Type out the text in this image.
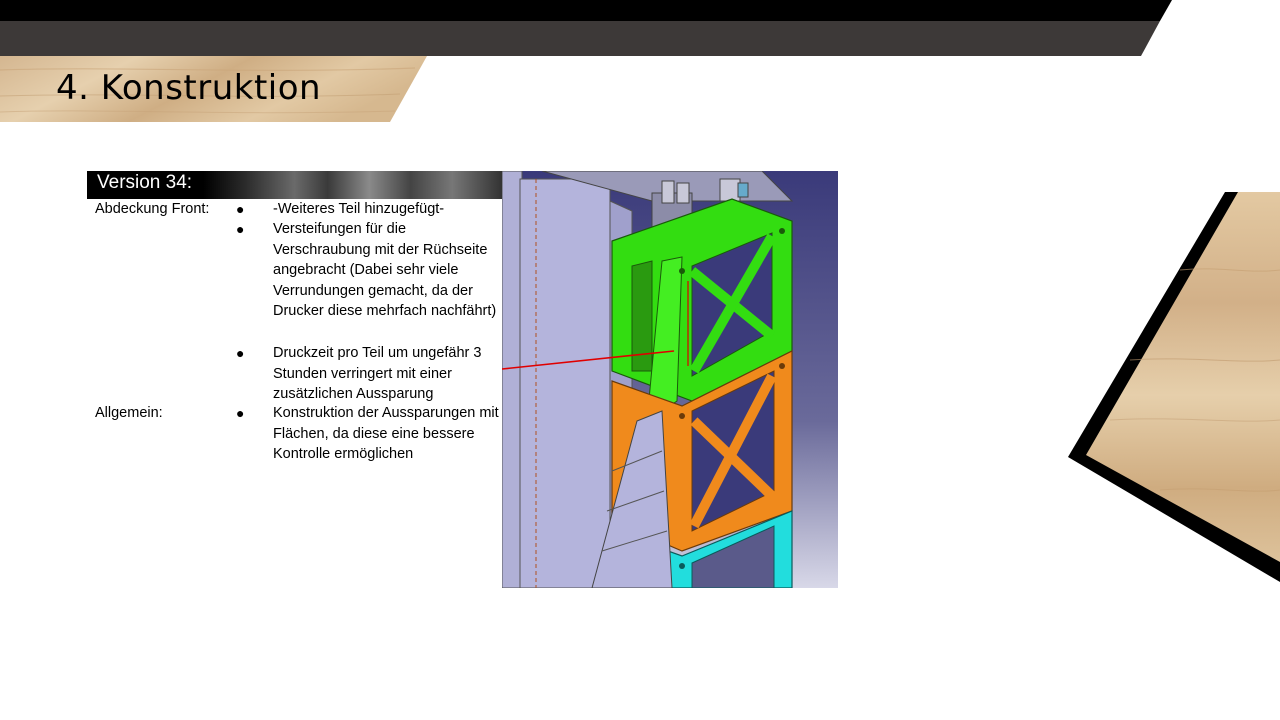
4. Konstruktion
Version 34:
Abdeckung Front: ● -Weiteres Teil hinzugefügt-
● Versteifungen für die Verschraubung mit der Rüchseite angebracht (Dabei sehr viele Verrundungen gemacht, da der Drucker diese mehrfach nachfährt)
● Druckzeit pro Teil um ungefähr 3 Stunden verringert mit einer zusätzlichen Aussparung
Allgemein:	● Konstruktion der Aussparungen mit Flächen, da diese eine bessere Kontrolle ermöglichen
